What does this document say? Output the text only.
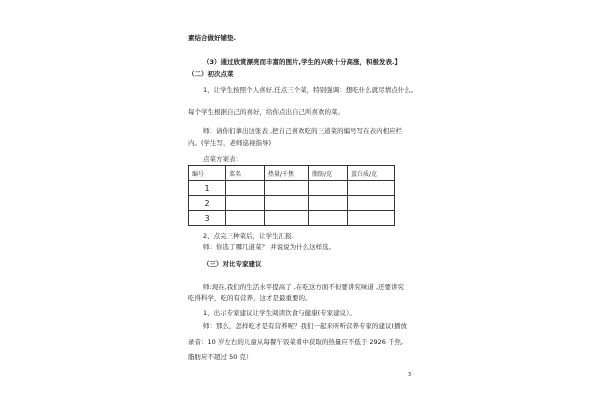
素结合做好铺垫.
（3）通过欣赏漂亮而丰富的图片,学生的兴致十分高涨，积极发表.】
（二）初次点菜
1、让学生按照个人喜好,任点三个菜，特别强调：想吃什么就尽情点什么。
每个学生根据自己的喜好，给你点出自己所喜欢的菜。
师：请你们拿出这张表 ,把自己喜欢吃的三道菜的编号写在表内相应栏
内。(学生写，老师巡视指导)
点菜方案表：
编号	菜名	热量/千焦	脂肪/克	蛋白质/克
1				
2				
3				
2、点完三种菜后，让学生汇报.
师：你选了哪几道菜？ 并说说为什么这样选。
（三）对比专家建议
师:现在,我们的生活水平提高了 ,在吃这方面不但要讲究味道 ,还要讲究
吃得科学，吃的有营养，这才是最重要的。
1、出示专家建议让学生阅读饮食与健康(专家建议）。
师：那么，怎样吃才是有营养呢？我们一起来听听营养专家的建议(播放
录音：10 岁左右的儿童从每餐午饭菜肴中获取的热量应不低于 2926 千焦,
脂肪应不超过 50 克）
3
